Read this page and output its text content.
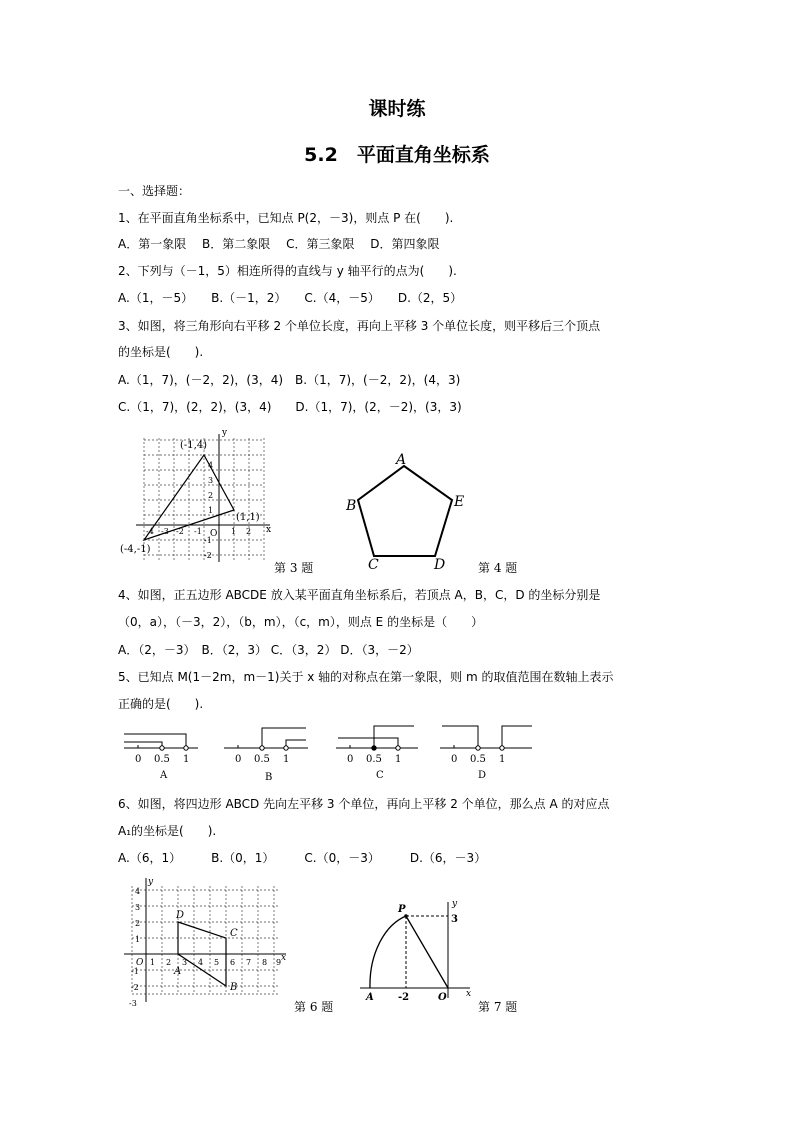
课时练
5.2　平面直角坐标系
一、选择题：
1、在平面直角坐标系中，已知点 P(2，－3)，则点 P 在(　　).
A．第一象限　 B．第二象限　 C．第三象限　 D．第四象限
2、下列与（－1，5）相连所得的直线与 y 轴平行的点为(　　).
A.（1，－5）　　B.（－1，2）　　C.（4，－5）　　D.（2，5）
3、如图，将三角形向右平移 2 个单位长度，再向上平移 3 个单位长度，则平移后三个顶点
的坐标是(　　).
A.（1，7)，(－2，2)，(3，4)　B.（1，7)，(－2，2)，(4，3)
C.（1，7)，(2，2)，(3，4)　　D.（1，7)，(2，－2)，(3，3)
y
x
O
(-1,4)
(1,1)
(-4,-1)
4
3
2
1
-1
-2
-4 -3 -2 -1	1 2
第 3 题
A
B
C	D
E
第 4 题
4、如图，正五边形 ABCDE 放入某平面直角坐标系后，若顶点 A，B，C，D 的坐标分别是
（0，a），（－3，2），（b，m），（c，m），则点 E 的坐标是（　　）
A．（2，－3）　B．（2，3） C．（3，2） D．（3，－2）
5、已知点 M(1－2m，m－1)关于 x 轴的对称点在第一象限，则 m 的取值范围在数轴上表示
正确的是(　　).
0 0.5 1
A
0 0.5 1
B
0 0.5 1
C
0 0.5 1
D
6、如图，将四边形 ABCD 先向左平移 3 个单位，再向上平移 2 个单位，那么点 A 的对应点
A₁的坐标是(　　).
A.（6，1）　　　B.（0，1）　　　C.（0，－3）　　　D.（6，－3）
y
x
O 1 2 3 4 5 6 7 8 9
4
3
2
1
-1
-2
-3
D
C
A
B
第 6 题
P	y
3
x
O
-2
A
第 7 题
